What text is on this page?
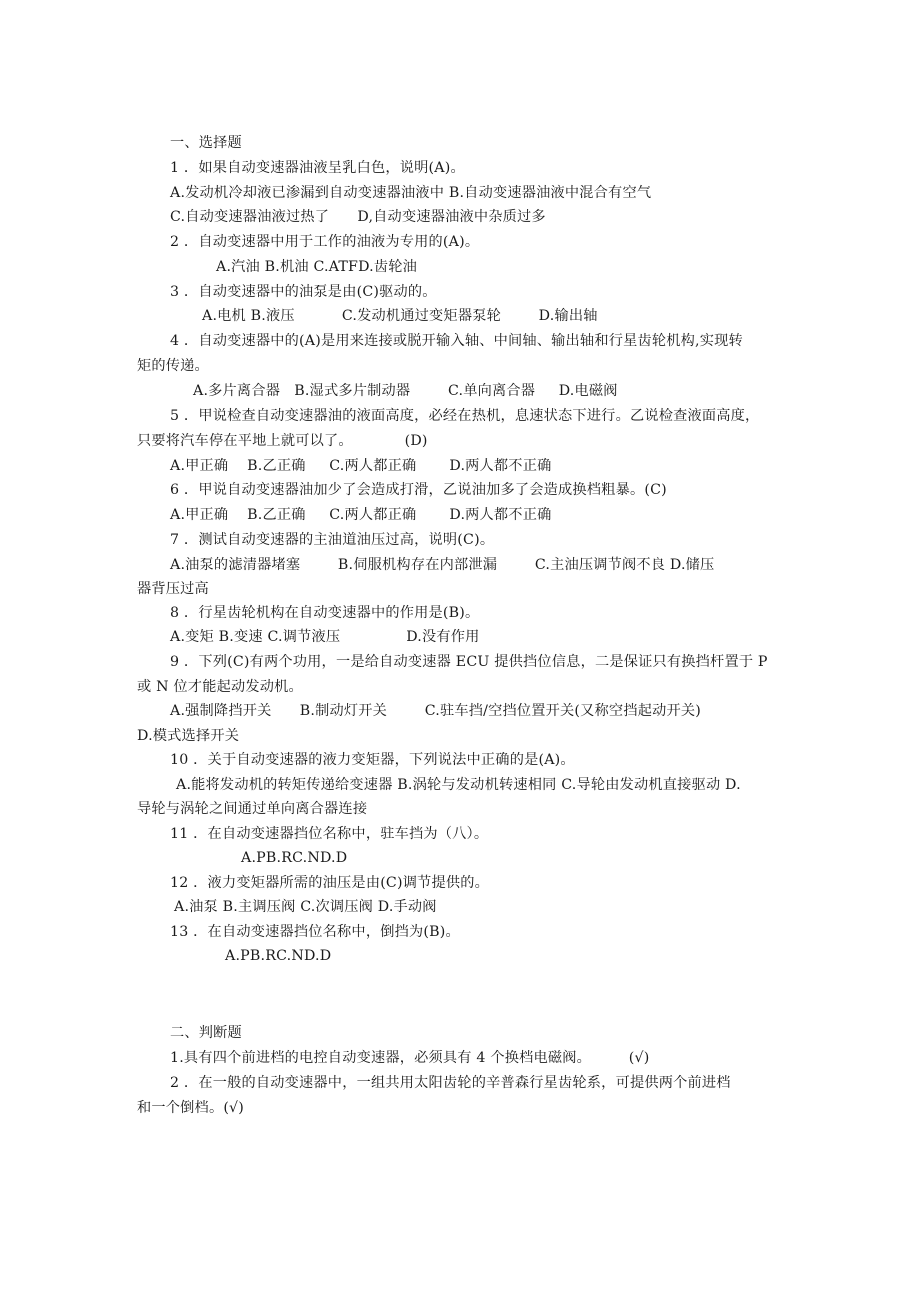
一、选择题
1 ．如果自动变速器油液呈乳白色，说明(A)。
A.发动机冷却液已渗漏到自动变速器油液中 B.自动变速器油液中混合有空气
C.自动变速器油液过热了      D,自动变速器油液中杂质过多
2 ．自动变速器中用于工作的油液为专用的(A)。
A.汽油 B.机油 C.ATFD.齿轮油
3 ．自动变速器中的油泵是由(C)驱动的。
A.电机 B.液压          C.发动机通过变矩器泵轮        D.输出轴
4 ．自动变速器中的(A)是用来连接或脱开输入轴、中间轴、输出轴和行星齿轮机构,实现转
矩的传递。
A.多片离合器   B.湿式多片制动器        C.单向离合器     D.电磁阀
5 ．甲说检查自动变速器油的液面高度，必经在热机，息速状态下进行。乙说检查液面高度，
只要将汽车停在平地上就可以了。           (D)
A.甲正确    B.乙正确     C.两人都正确       D.两人都不正确
6 ．甲说自动变速器油加少了会造成打滑，乙说油加多了会造成换档粗暴。(C)
A.甲正确    B.乙正确     C.两人都正确       D.两人都不正确
7 ．测试自动变速器的主油道油压过高，说明(C)。
A.油泵的滤清器堵塞        B.伺服机构存在内部泄漏        C.主油压调节阀不良 D.储压
器背压过高
8 ．行星齿轮机构在自动变速器中的作用是(B)。
A.变矩 B.变速 C.调节液压              D.没有作用
9 ．下列(C)有两个功用，一是给自动变速器 ECU 提供挡位信息，二是保证只有换挡杆置于 P
或 N 位才能起动发动机。
A.强制降挡开关      B.制动灯开关        C.驻车挡/空挡位置开关(又称空挡起动开关)
D.模式选择开关
10 ．关于自动变速器的液力变矩器，下列说法中正确的是(A)。
A.能将发动机的转矩传递给变速器 B.涡轮与发动机转速相同 C.导轮由发动机直接驱动 D.
导轮与涡轮之间通过单向离合器连接
11 ．在自动变速器挡位名称中，驻车挡为（八）。
A.PB.RC.ND.D
12 ．液力变矩器所需的油压是由(C)调节提供的。
A.油泵 B.主调压阀 C.次调压阀 D.手动阀
13 ．在自动变速器挡位名称中，倒挡为(B)。
A.PB.RC.ND.D
二、判断题
1.具有四个前进档的电控自动变速器，必须具有 4 个换档电磁阀。        (√)
2 ．在一般的自动变速器中，一组共用太阳齿轮的辛普森行星齿轮系，可提供两个前进档
和一个倒档。(√)
